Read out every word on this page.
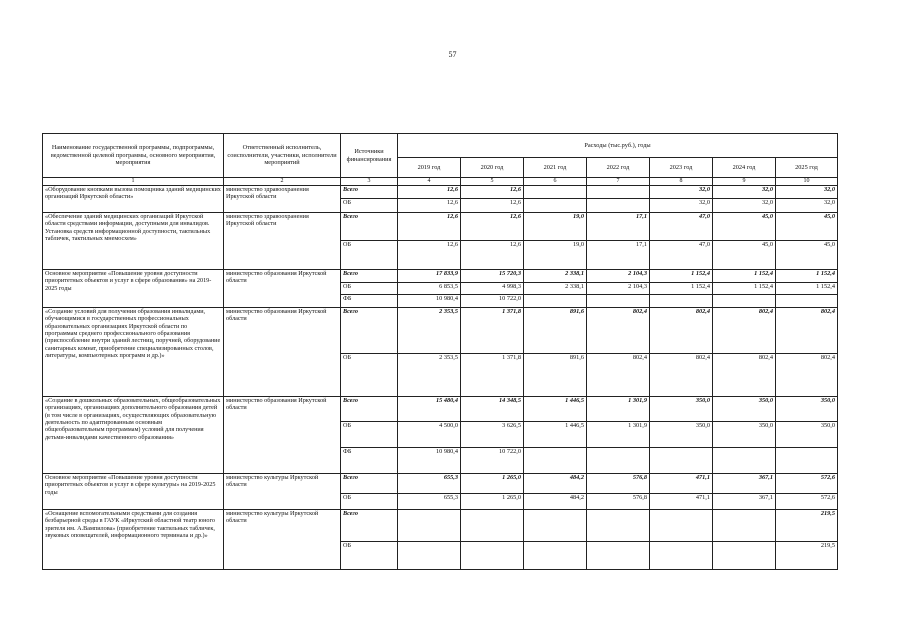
57
Наименование государственной программы, подпрограммы, ведомственной целевой программы, основного мероприятия, мероприятия	Ответственный исполнитель, соисполнители, участники, исполнители мероприятий	Источники финансирования	Расходы (тыс.руб.), годы						
			2019 год	2020 год	2021 год	2022 год	2023 год	2024 год	2025 год
1	2	3	4	5	6	7	8	9	10
«Оборудование кнопками вызова помощника зданий медицинских организаций Иркутской области»	министерство здравоохранения Иркутской области	Всего	12,6	12,6			32,0	32,0	32,0
		ОБ	12,6	12,6			32,0	32,0	32,0
«Обеспечение зданий медицинских организаций Иркутской области средствами информации, доступными для инвалидов. Установка средств информационной доступности, тактильных табличек, тактильных мнемосхем»	министерство здравоохранения Иркутской области	Всего	12,6	12,6	19,0	17,1	47,0	45,0	45,0
		ОБ	12,6	12,6	19,0	17,1	47,0	45,0	45,0
Основное мероприятие «Повышение уровня доступности приоритетных объектов и услуг в сфере образования» на 2019-2025 годы	министерство образования Иркутской области	Всего	17 833,9	15 720,3	2 338,1	2 104,3	1 152,4	1 152,4	1 152,4
		ОБ	6 853,5	4 998,3	2 338,1	2 104,3	1 152,4	1 152,4	1 152,4
		ФБ	10 980,4	10 722,0					
«Создание условий для получения образования инвалидами, обучающимися в государственных профессиональных образовательных организациях Иркутской области по программам среднего профессионального образования (приспособление внутри зданий лестниц, поручней, оборудование санитарных комнат, приобретение специализированных столов, литературы, компьютерных программ и др.)»	министерство образования Иркутской области	Всего	2 353,5	1 371,8	891,6	802,4	802,4	802,4	802,4
		ОБ	2 353,5	1 371,8	891,6	802,4	802,4	802,4	802,4
«Создание в дошкольных образовательных, общеобразовательных организациях, организациях дополнительного образования детей (в том числе в организациях, осуществляющих образовательную деятельность по адаптированным основным общеобразовательным программам) условий для получения детьми-инвалидами качественного образования»	министерство образования Иркутской области	Всего	15 480,4	14 348,5	1 446,5	1 301,9	350,0	350,0	350,0
		ОБ	4 500,0	3 626,5	1 446,5	1 301,9	350,0	350,0	350,0
		ФБ	10 980,4	10 722,0					
Основное мероприятие «Повышение уровня доступности приоритетных объектов и услуг в сфере культуры» на 2019-2025 годы	министерство культуры Иркутской области	Всего	655,3	1 265,0	484,2	576,8	471,1	367,1	572,6
		ОБ	655,3	1 265,0	484,2	576,8	471,1	367,1	572,6
«Оснащение вспомогательными средствами для создания безбарьерной среды в ГАУК «Иркутский областной театр юного зрителя им. А.Вампилова» (приобретение тактильных табличек, звуковых оповещателей, информационного терминала и др.)»	министерство культуры Иркутской области	Всего							219,5
		ОБ							219,5
